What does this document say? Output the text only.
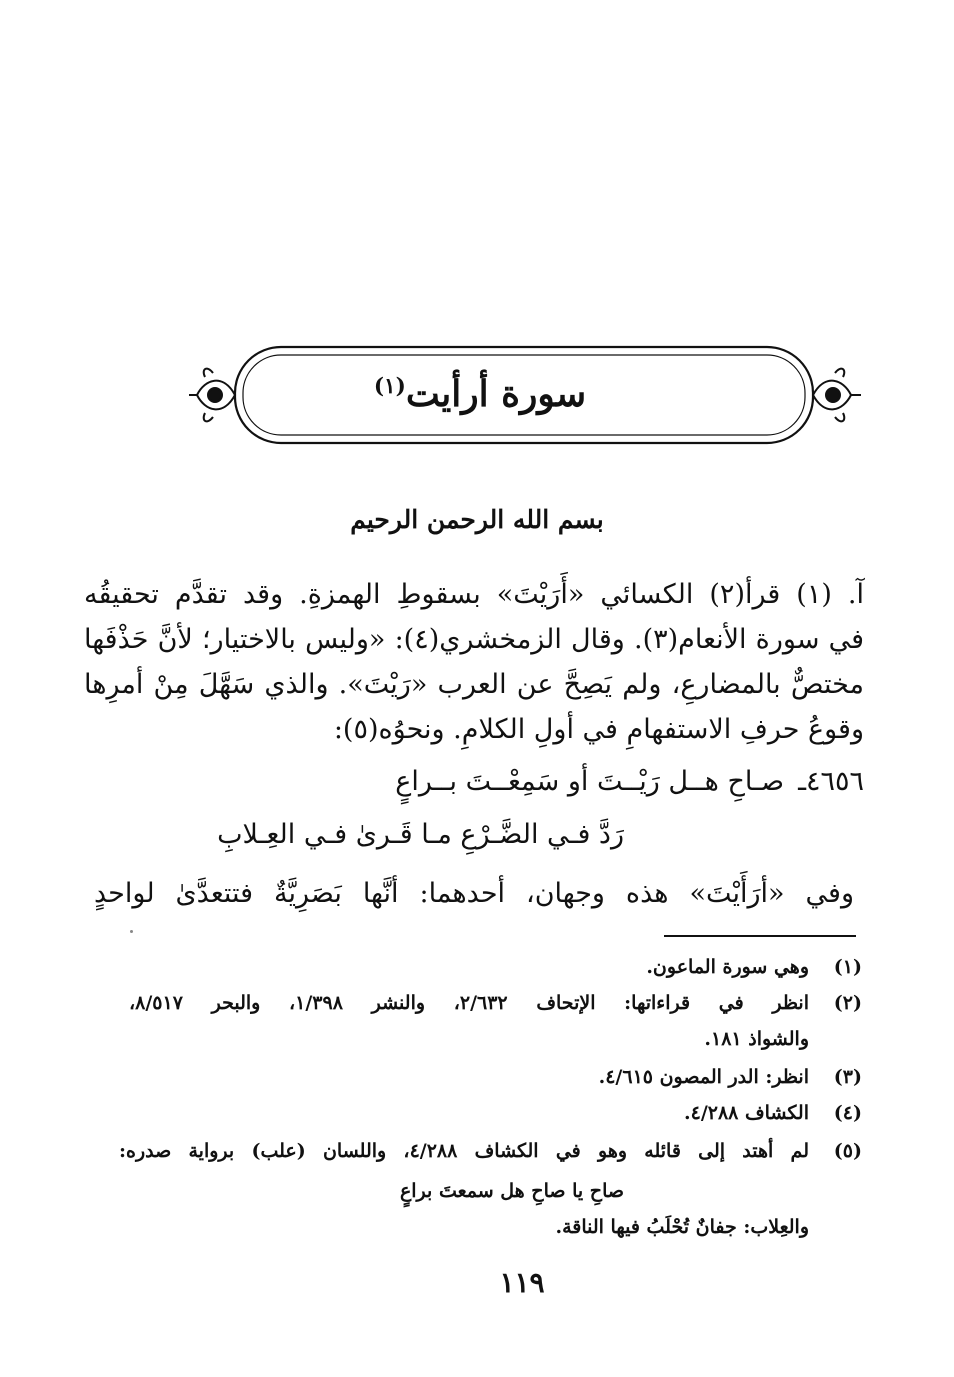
سورة أرأيت$^{(١)}$
بسم الله الرحمن الرحيم
آ. (١) قرأ(٢) الكسائي «أَرَيْتَ» بسقوطِ الهمزةِ. وقد تقدَّم تحقيقُه
في سورة الأنعام(٣). وقال الزمخشري(٤): «وليس بالاختيار؛ لأنَّ حَذْفَها
مختصٌّ بالمضارعِ، ولم يَصِحَّ عن العرب «رَيْتَ». والذي سَهَّلَ مِنْ أمرِها
وقوعُ حرفِ الاستفهامِ في أولِ الكلامِ. ونحوُه(٥):
٤٦٥٦ـ
صـاحِ هــل رَيْــتَ أو سَمِعْــتَ بــراعٍ
رَدَّ فـي الضَّـرْعِ مـا قَـرىٰ فـي العِـلابِ
وفي «أرَأَيْتَ» هذه وجهان، أحدهما: أنَّها بَصَرِيَّةٌ فتتعدَّىٰ لواحدٍ
(١)
وهي سورة الماعون.
(٢)
انظر في قراءاتها: الإتحاف ٢/٦٣٢، والنشر ١/٣٩٨، والبحر ٨/٥١٧،
والشواذ ١٨١.
(٣)
انظر: الدر المصون ٤/٦١٥.
(٤)
الكشاف ٤/٢٨٨.
(٥)
لم أهتد إلى قائله وهو في الكشاف ٤/٢٨٨، واللسان (علب) برواية صدره:
صاحِ يا صاحِ هل سمعتَ براعٍ
والعِلاب: جفانٌ تُحْلَبُ فيها الناقة.
١١٩
